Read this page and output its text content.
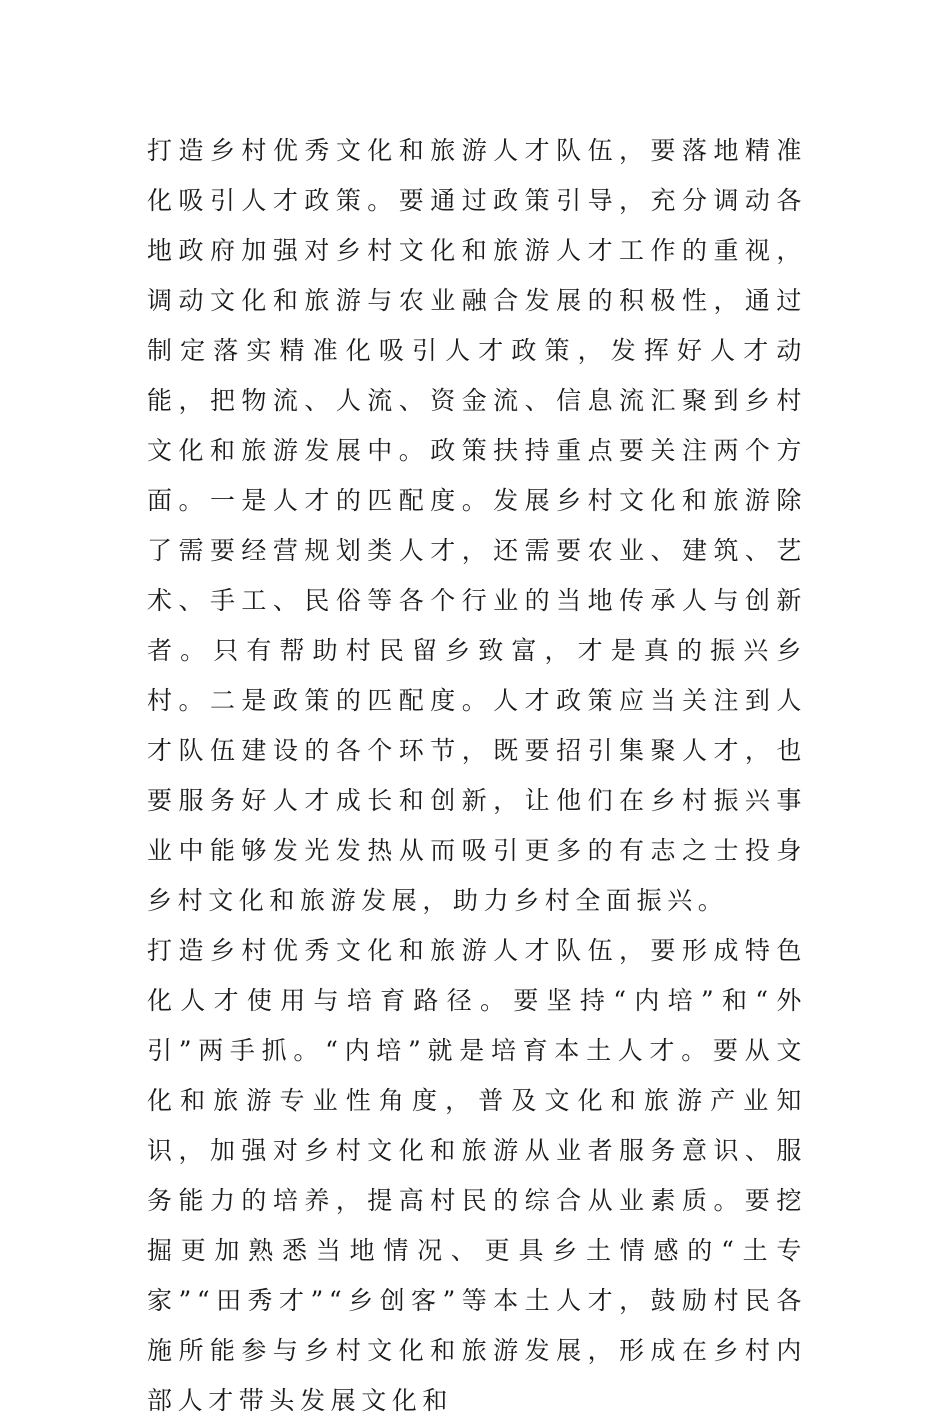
打造乡村优秀文化和旅游人才队伍，要落地精准化吸引人才政策。要通过政策引导，充分调动各地政府加强对乡村文化和旅游人才工作的重视，调动文化和旅游与农业融合发展的积极性，通过制定落实精准化吸引人才政策，发挥好人才动能，把物流、人流、资金流、信息流汇聚到乡村文化和旅游发展中。政策扶持重点要关注两个方面。一是人才的匹配度。发展乡村文化和旅游除了需要经营规划类人才，还需要农业、建筑、艺术、手工、民俗等各个行业的当地传承人与创新者。只有帮助村民留乡致富，才是真的振兴乡村。二是政策的匹配度。人才政策应当关注到人才队伍建设的各个环节，既要招引集聚人才，也要服务好人才成长和创新，让他们在乡村振兴事业中能够发光发热从而吸引更多的有志之士投身乡村文化和旅游发展，助力乡村全面振兴。

打造乡村优秀文化和旅游人才队伍，要形成特色化人才使用与培育路径。要坚持“内培”和“外引”两手抓。“内培”就是培育本土人才。要从文化和旅游专业性角度，普及文化和旅游产业知识，加强对乡村文化和旅游从业者服务意识、服务能力的培养，提高村民的综合从业素质。要挖掘更加熟悉当地情况、更具乡土情感的“土专家”“田秀才”“乡创客”等本土人才，鼓励村民各施所能参与乡村文化和旅游发展，形成在乡村内部人才带头发展文化和
